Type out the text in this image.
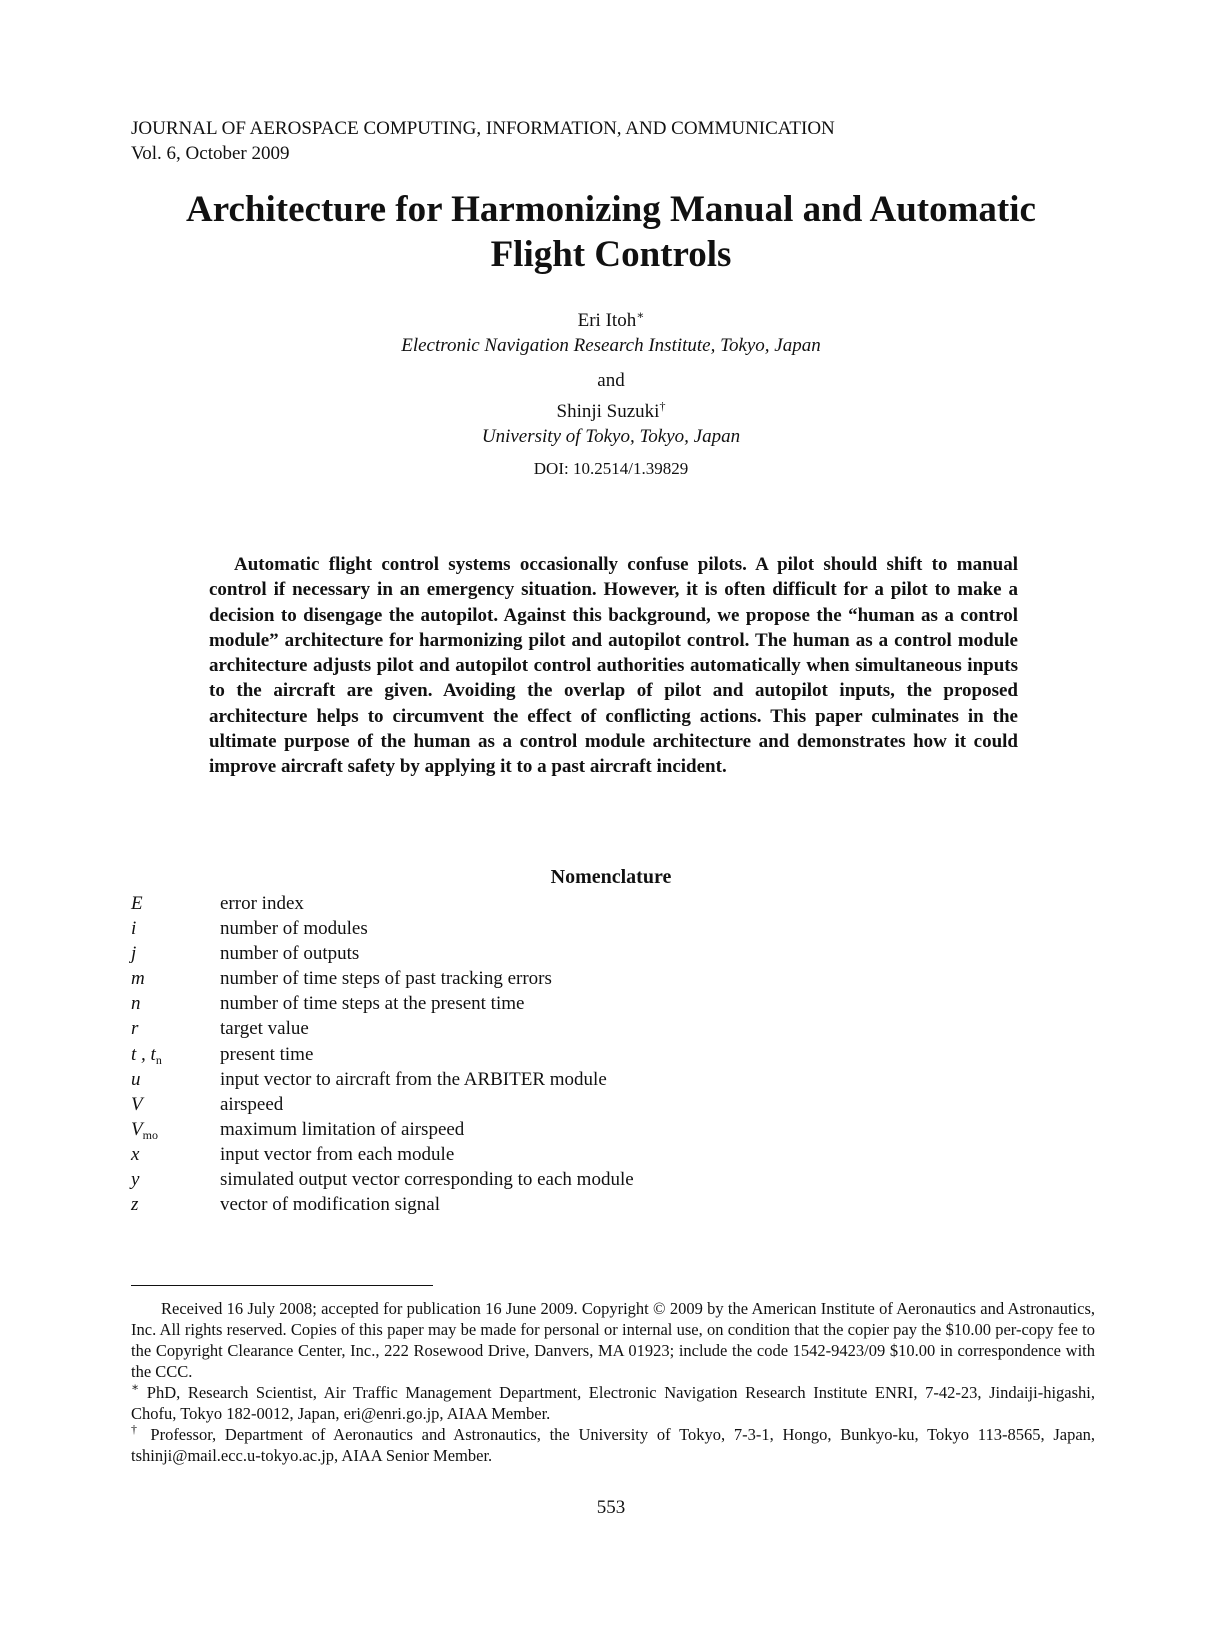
JOURNAL OF AEROSPACE COMPUTING, INFORMATION, AND COMMUNICATION
Vol. 6, October 2009
Architecture for Harmonizing Manual and Automatic
Flight Controls
Eri Itoh∗
Electronic Navigation Research Institute, Tokyo, Japan
and
Shinji Suzuki†
University of Tokyo, Tokyo, Japan
DOI: 10.2514/1.39829

Automatic flight control systems occasionally confuse pilots. A pilot should shift to manual control if necessary in an emergency situation. However, it is often difficult for a pilot to make a decision to disengage the autopilot. Against this background, we propose the “human as a control module” architecture for harmonizing pilot and autopilot control. The human as a control module architecture adjusts pilot and autopilot control authorities automatically when simultaneous inputs to the aircraft are given. Avoiding the overlap of pilot and autopilot inputs, the proposed architecture helps to circumvent the effect of conflicting actions. This paper culminates in the ultimate purpose of the human as a control module architecture and demonstrates how it could improve aircraft safety by applying it to a past aircraft incident.

Nomenclature
E	error index
i	number of modules
j	number of outputs
m	number of time steps of past tracking errors
n	number of time steps at the present time
r	target value
t , $t_n$	present time
u	input vector to aircraft from the ARBITER module
V	airspeed
$V_{mo}$	maximum limitation of airspeed
x	input vector from each module
y	simulated output vector corresponding to each module
z	vector of modification signal

Received 16 July 2008; accepted for publication 16 June 2009. Copyright © 2009 by the American Institute of Aeronautics and Astronautics, Inc. All rights reserved. Copies of this paper may be made for personal or internal use, on condition that the copier pay the $10.00 per-copy fee to the Copyright Clearance Center, Inc., 222 Rosewood Drive, Danvers, MA 01923; include the code 1542-9423/09 $10.00 in correspondence with the CCC.

∗ PhD, Research Scientist, Air Traffic Management Department, Electronic Navigation Research Institute ENRI, 7-42-23, Jindaiji-higashi, Chofu, Tokyo 182-0012, Japan, eri@enri.go.jp, AIAA Member.

† Professor, Department of Aeronautics and Astronautics, the University of Tokyo, 7-3-1, Hongo, Bunkyo-ku, Tokyo 113-8565, Japan, tshinji@mail.ecc.u-tokyo.ac.jp, AIAA Senior Member.

553
